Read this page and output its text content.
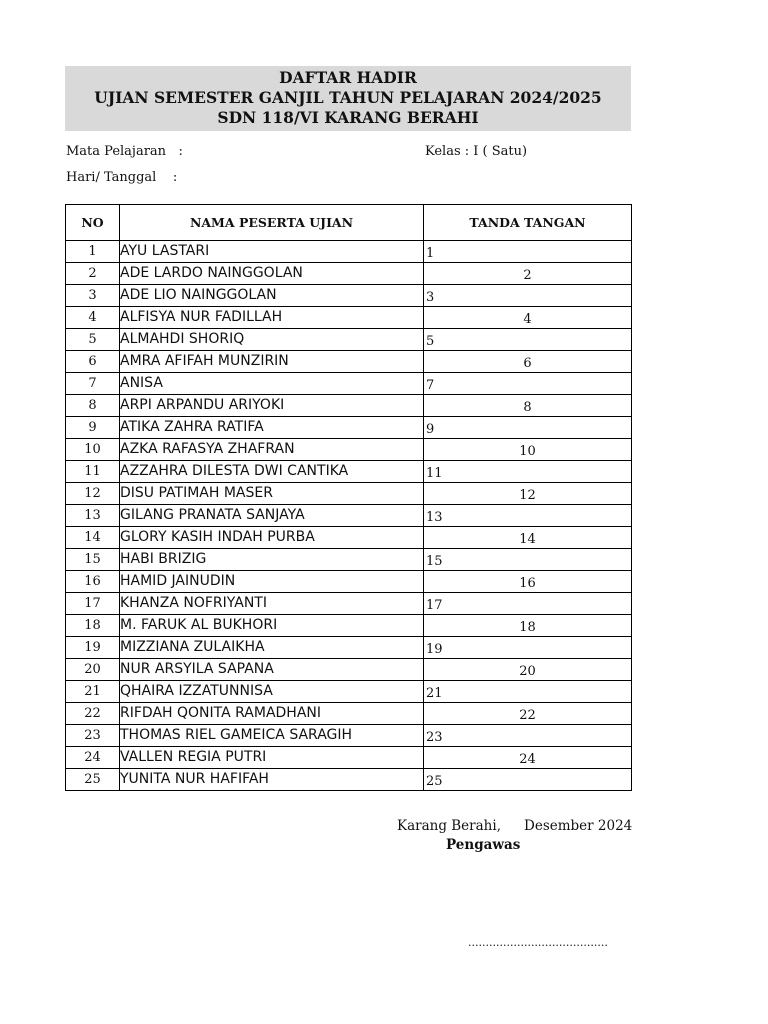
DAFTAR HADIR
UJIAN SEMESTER GANJIL TAHUN PELAJARAN 2024/2025
SDN 118/VI KARANG BERAHI
Mata Pelajaran   :	Kelas : I ( Satu)
Hari/ Tanggal    :
NO	NAMA PESERTA UJIAN	TANDA TANGAN
1	AYU LASTARI	1

2	ADE LARDO NAINGGOLAN	2

3	ADE LIO NAINGGOLAN	3

4	ALFISYA NUR FADILLAH	4

5	ALMAHDI SHORIQ	5

6	AMRA AFIFAH MUNZIRIN	6

7	ANISA	7

8	ARPI ARPANDU ARIYOKI	8

9	ATIKA ZAHRA RATIFA	9

10	AZKA RAFASYA ZHAFRAN	10

11	AZZAHRA DILESTA DWI CANTIKA	11

12	DISU PATIMAH MASER	12

13	GILANG PRANATA SANJAYA	13

14	GLORY KASIH INDAH PURBA	14

15	HABI BRIZIG	15

16	HAMID JAINUDIN	16

17	KHANZA NOFRIYANTI	17

18	M. FARUK AL BUKHORI	18

19	MIZZIANA ZULAIKHA	19

20	NUR ARSYILA SAPANA	20

21	QHAIRA IZZATUNNISA	21

22	RIFDAH QONITA RAMADHANI	22

23	THOMAS RIEL GAMEICA SARAGIH	23

24	VALLEN REGIA PUTRI	24

25	YUNITA NUR HAFIFAH	25
Karang Berahi, Desember 2024
Pengawas
........................................
